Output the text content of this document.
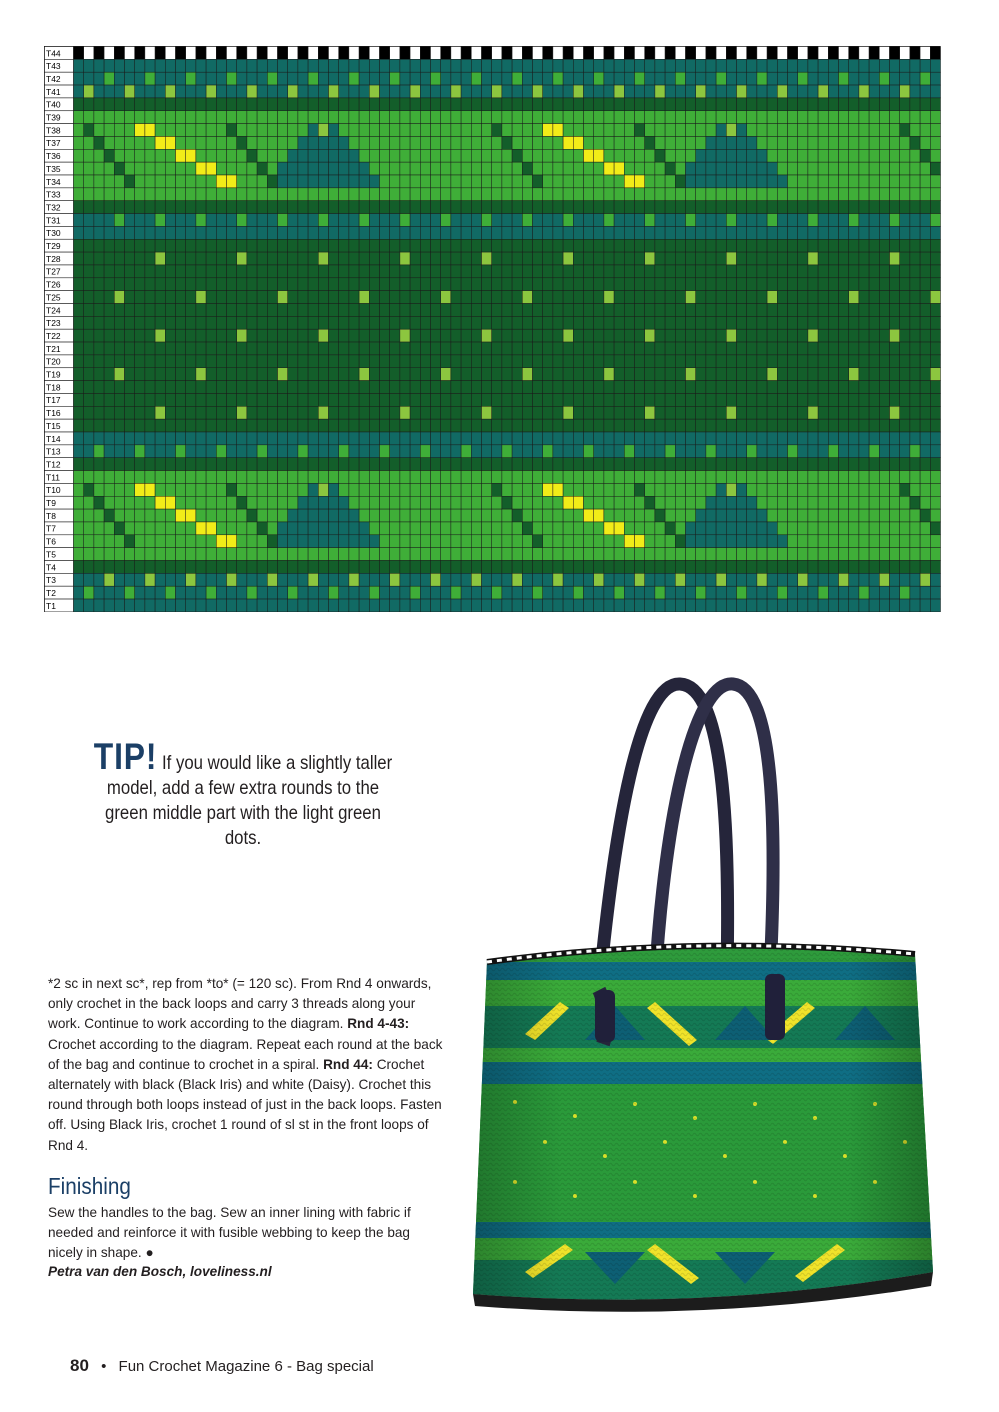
T44
T43
T42
T41
T40
T39
T38
T37
T36
T35
T34
T33
T32
T31
T30
T29
T28
T27
T26
T25
T24
T23
T22
T21
T20
T19
T18
T17
T16
T15
T14
T13
T12
T11
T10
T9
T8
T7
T6
T5
T4
T3
T2
T1
TIP! If you would like a slightly taller model, add a few extra rounds to the green middle part with the light green dots.

*2 sc in next sc*, rep from *to* (= 120 sc). From Rnd 4 onwards, only crochet in the back loops and carry 3 threads along your work. Continue to work according to the diagram. Rnd 4-43: Crochet according to the diagram. Repeat each round at the back of the bag and continue to crochet in a spiral. Rnd 44: Crochet alternately with black (Black Iris) and white (Daisy). Crochet this round through both loops instead of just in the back loops. Fasten off. Using Black Iris, crochet 1 round of sl st in the front loops of Rnd 4.

Finishing

Sew the handles to the bag. Sew an inner lining with fabric if needed and reinforce it with fusible webbing to keep the bag nicely in shape. ●

Petra van den Bosch, loveliness.nl

80 • Fun Crochet Magazine 6 - Bag special
